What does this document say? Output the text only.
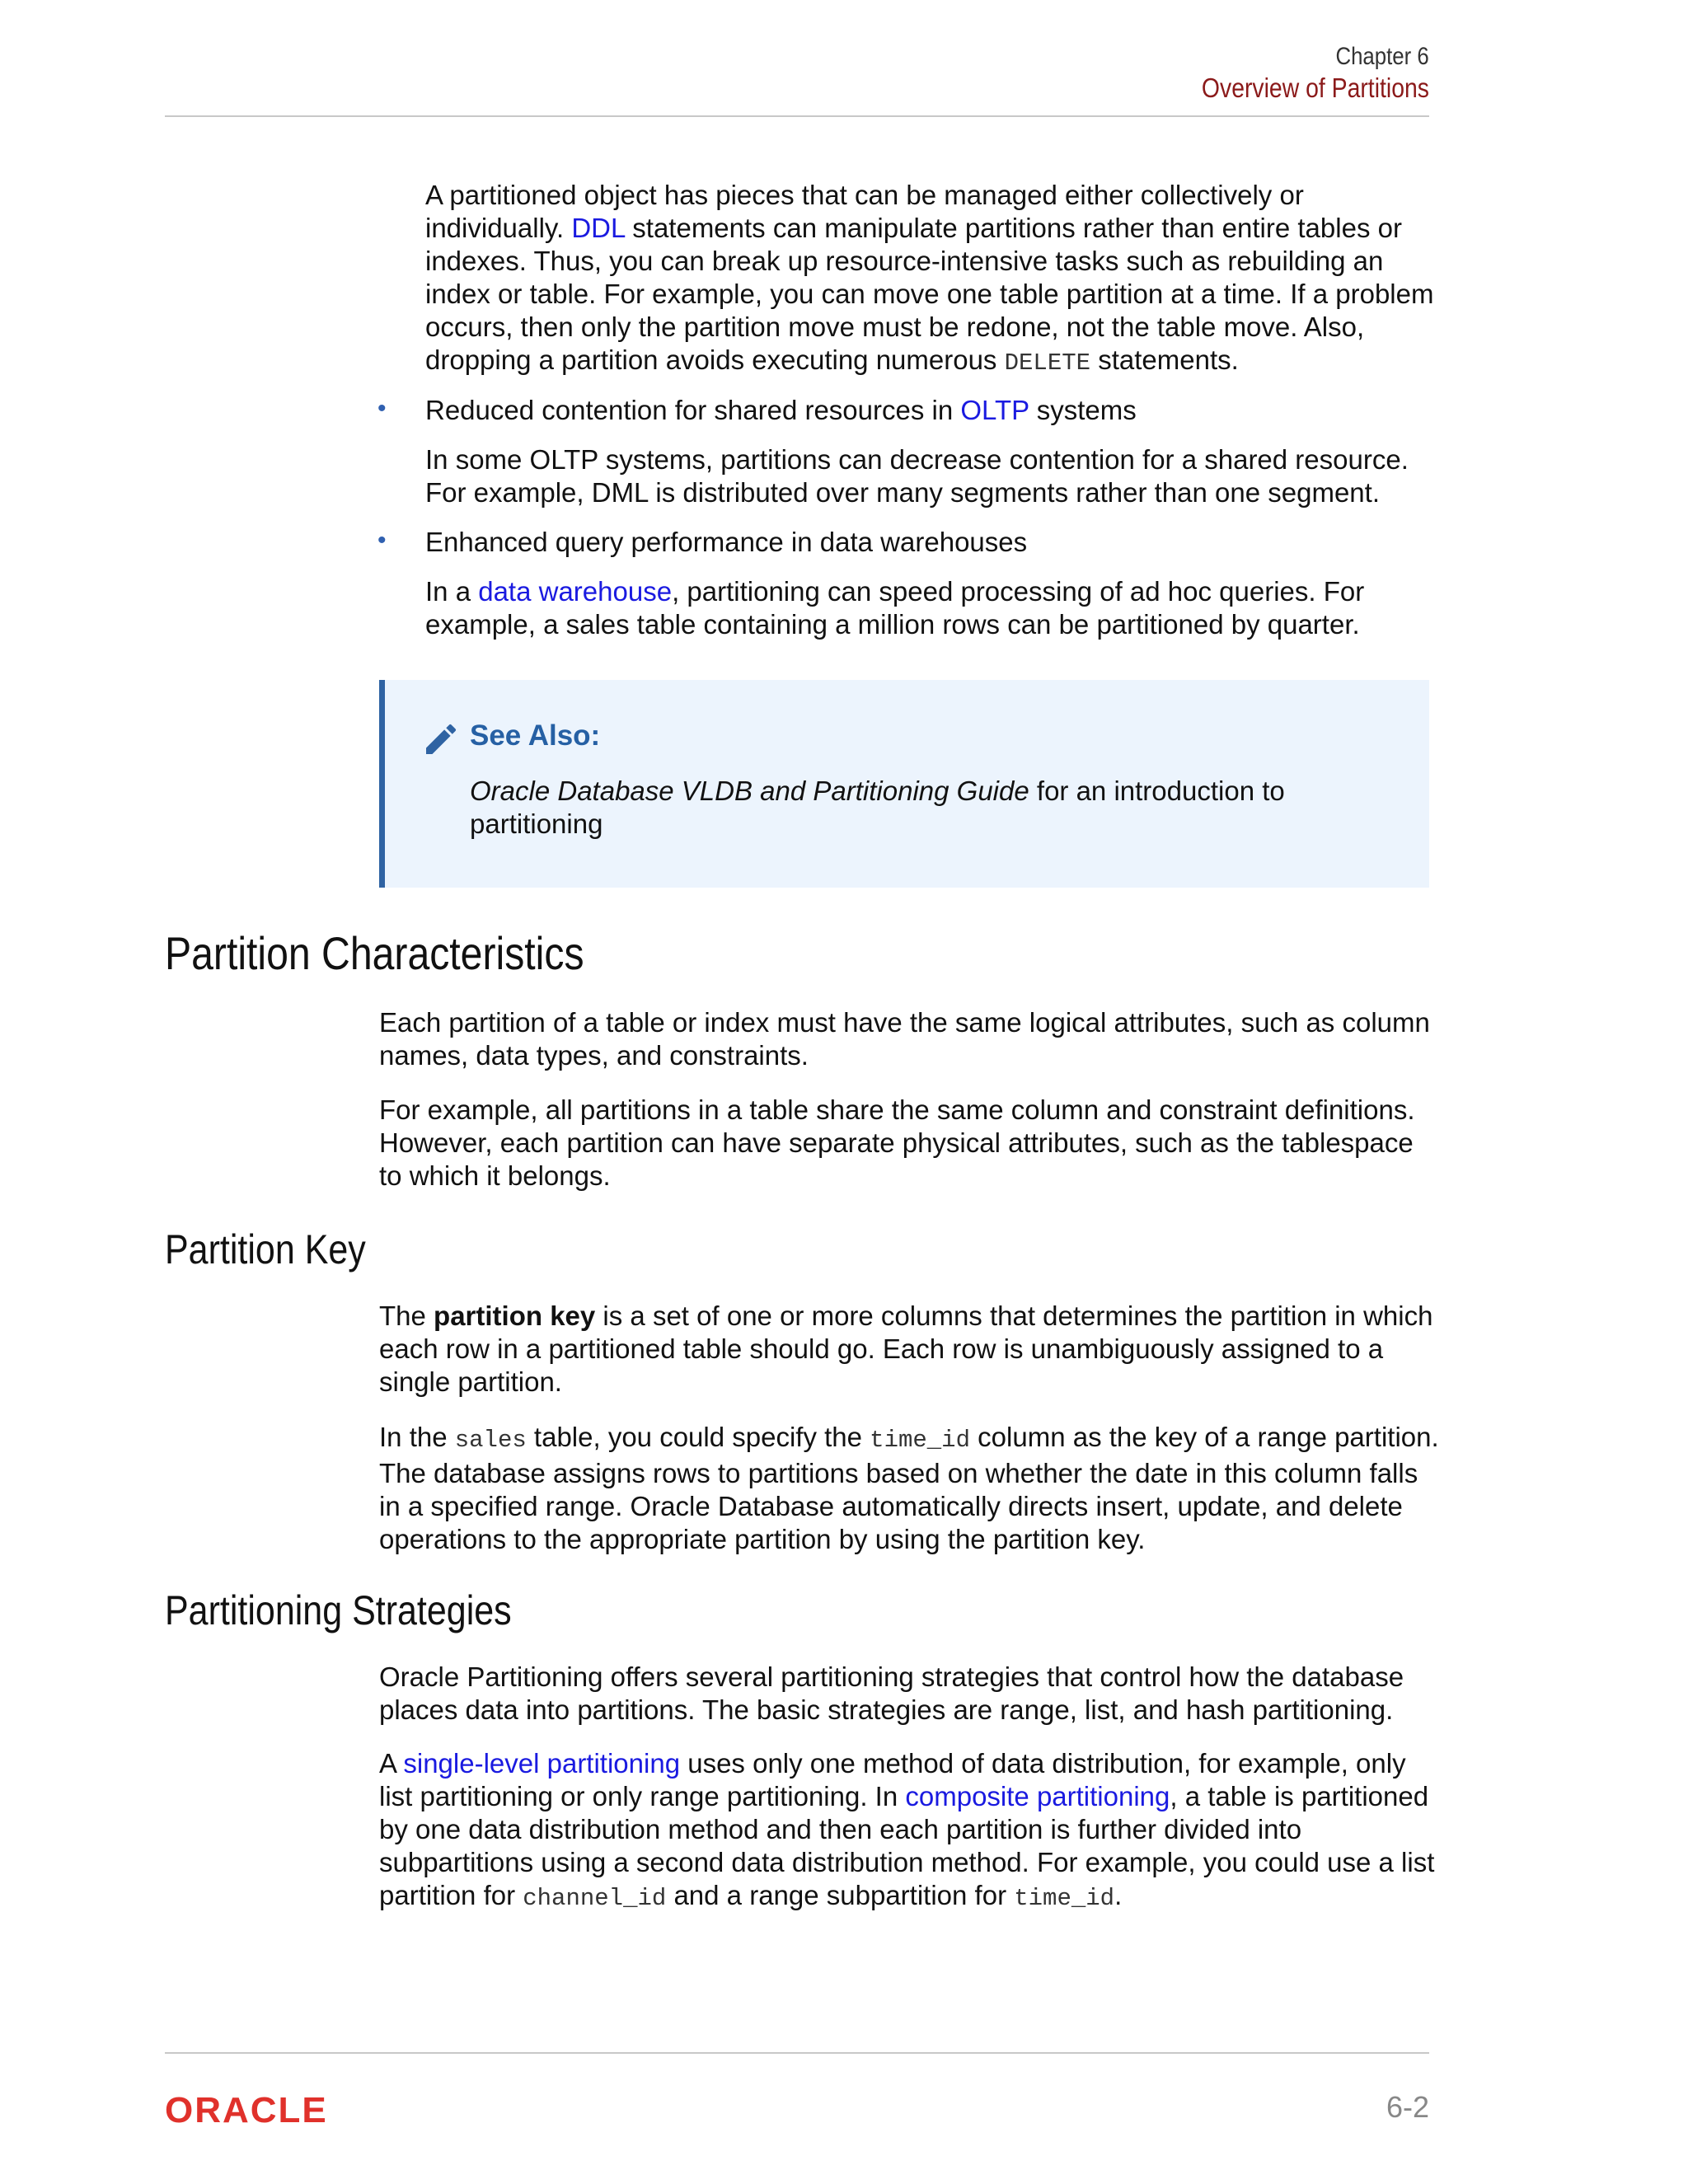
Chapter 6
Overview of Partitions

A partitioned object has pieces that can be managed either collectively or individually. DDL statements can manipulate partitions rather than entire tables or indexes. Thus, you can break up resource-intensive tasks such as rebuilding an index or table. For example, you can move one table partition at a time. If a problem occurs, then only the partition move must be redone, not the table move. Also, dropping a partition avoids executing numerous DELETE statements.

• Reduced contention for shared resources in OLTP systems

In some OLTP systems, partitions can decrease contention for a shared resource. For example, DML is distributed over many segments rather than one segment.

• Enhanced query performance in data warehouses

In a data warehouse, partitioning can speed processing of ad hoc queries. For example, a sales table containing a million rows can be partitioned by quarter.

See Also:
Oracle Database VLDB and Partitioning Guide for an introduction to partitioning
Partition Characteristics

Each partition of a table or index must have the same logical attributes, such as column names, data types, and constraints.

For example, all partitions in a table share the same column and constraint definitions. However, each partition can have separate physical attributes, such as the tablespace to which it belongs.

Partition Key

The partition key is a set of one or more columns that determines the partition in which each row in a partitioned table should go. Each row is unambiguously assigned to a single partition.

In the sales table, you could specify the time_id column as the key of a range partition. The database assigns rows to partitions based on whether the date in this column falls in a specified range. Oracle Database automatically directs insert, update, and delete operations to the appropriate partition by using the partition key.

Partitioning Strategies

Oracle Partitioning offers several partitioning strategies that control how the database places data into partitions. The basic strategies are range, list, and hash partitioning.

A single-level partitioning uses only one method of data distribution, for example, only list partitioning or only range partitioning. In composite partitioning, a table is partitioned by one data distribution method and then each partition is further divided into subpartitions using a second data distribution method. For example, you could use a list partition for channel_id and a range subpartition for time_id.

ORACLE	6-2
